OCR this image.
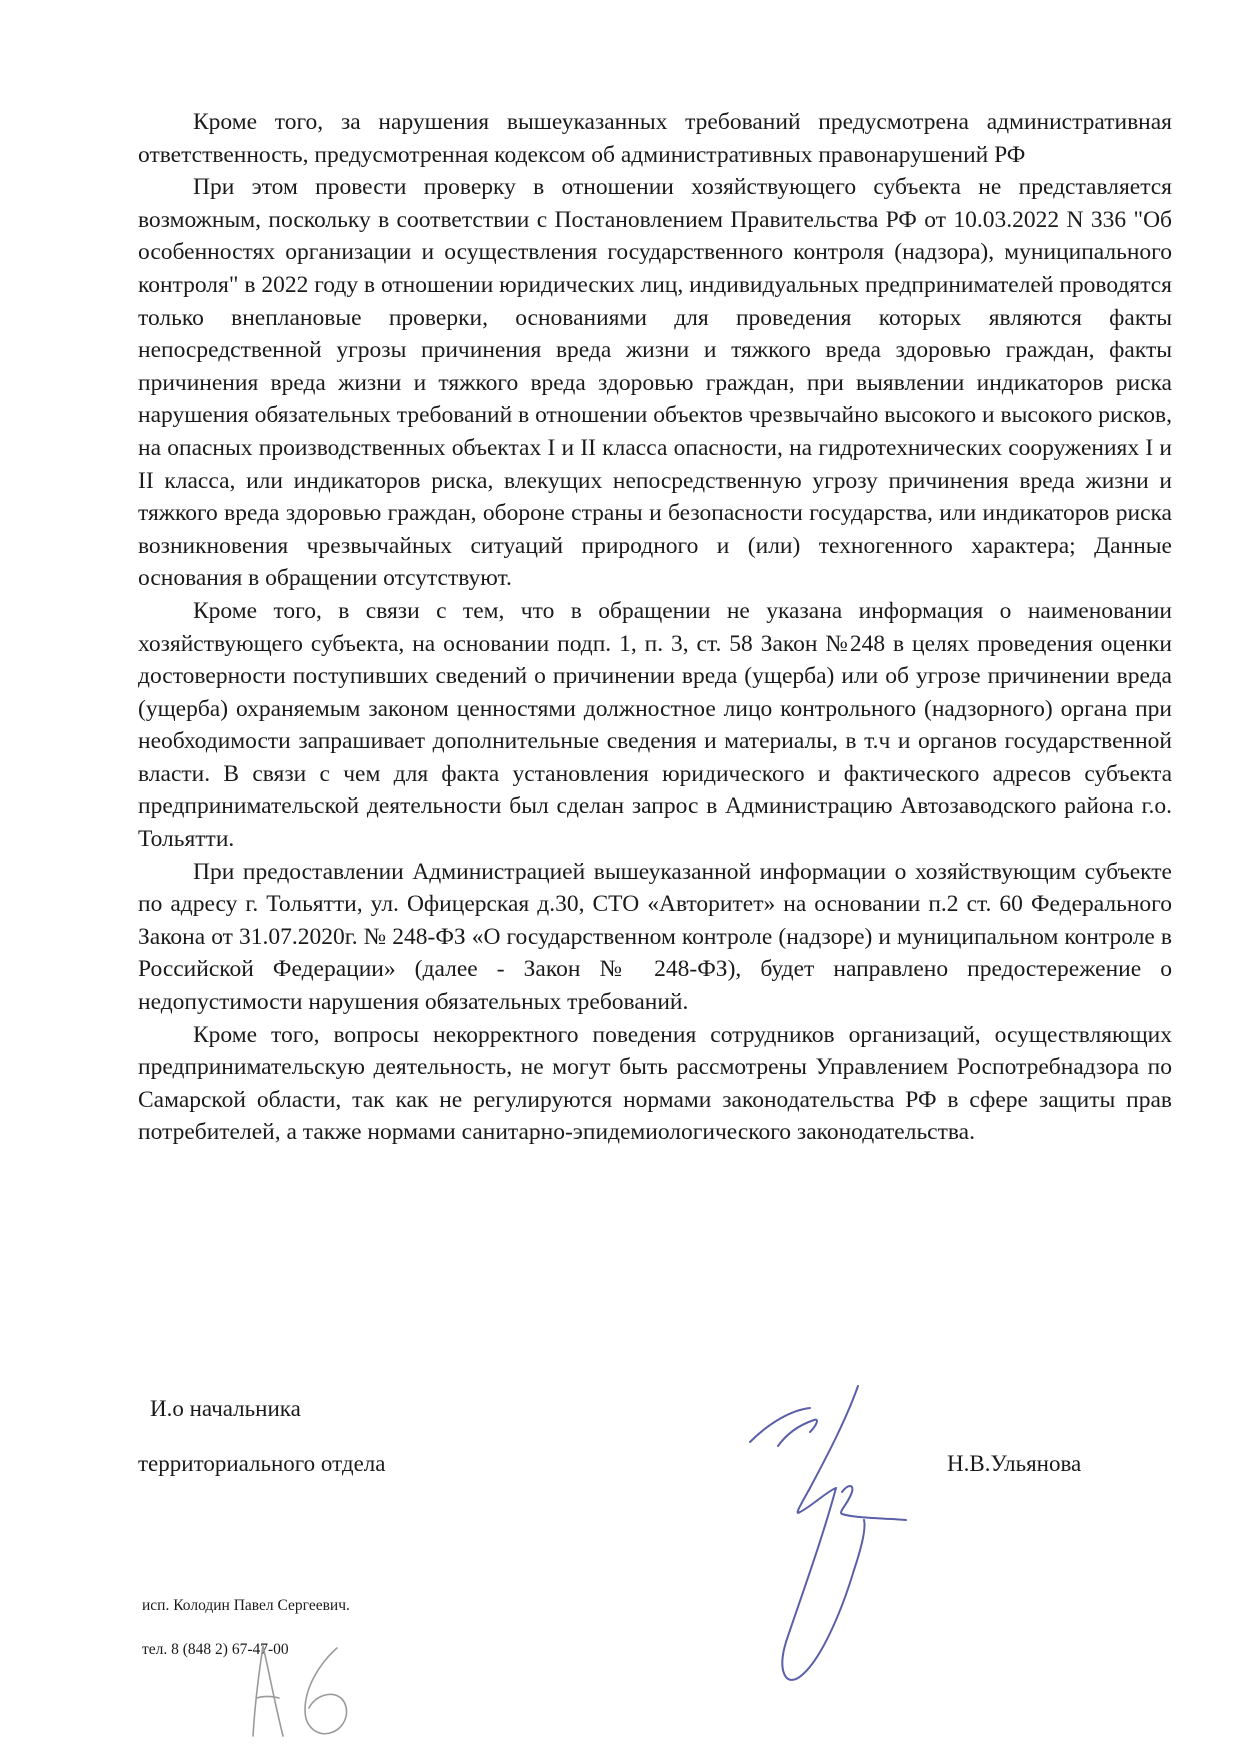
Кроме того, за нарушения вышеуказанных требований предусмотрена административная ответственность, предусмотренная кодексом об административных правонарушений РФ

При этом провести проверку в отношении хозяйствующего субъекта не представляется возможным, поскольку в соответствии с Постановлением Правительства РФ от 10.03.2022 N 336 "Об особенностях организации и осуществления государственного контроля (надзора), муниципального контроля" в 2022 году в отношении юридических лиц, индивидуальных предпринимателей проводятся только внеплановые проверки, основаниями для проведения которых являются факты непосредственной угрозы причинения вреда жизни и тяжкого вреда здоровью граждан, факты причинения вреда жизни и тяжкого вреда здоровью граждан, при выявлении индикаторов риска нарушения обязательных требований в отношении объектов чрезвычайно высокого и высокого рисков, на опасных производственных объектах I и II класса опасности, на гидротехнических сооружениях I и II класса, или индикаторов риска, влекущих непосредственную угрозу причинения вреда жизни и тяжкого вреда здоровью граждан, обороне страны и безопасности государства, или индикаторов риска возникновения чрезвычайных ситуаций природного и (или) техногенного характера; Данные основания в обращении отсутствуют.

Кроме того, в связи с тем, что в обращении не указана информация о наименовании хозяйствующего субъекта, на основании подп. 1, п. 3, ст. 58 Закон №248 в целях проведения оценки достоверности поступивших сведений о причинении вреда (ущерба) или об угрозе причинении вреда (ущерба) охраняемым законом ценностями должностное лицо контрольного (надзорного) органа при необходимости запрашивает дополнительные сведения и материалы, в т.ч и органов государственной власти. В связи с чем для факта установления юридического и фактического адресов субъекта предпринимательской деятельности был сделан запрос в Администрацию Автозаводского района г.о. Тольятти.

При предоставлении Администрацией вышеуказанной информации о хозяйствующим субъекте по адресу г. Тольятти, ул. Офицерская д.30, СТО «Авторитет» на основании п.2 ст. 60 Федерального Закона от 31.07.2020г. № 248-ФЗ «О государственном контроле (надзоре) и муниципальном контроле в Российской Федерации» (далее - Закон № 248-ФЗ), будет направлено предостережение о недопустимости нарушения обязательных требований.

Кроме того, вопросы некорректного поведения сотрудников организаций, осуществляющих предпринимательскую деятельность, не могут быть рассмотрены Управлением Роспотребнадзора по Самарской области, так как не регулируются нормами законодательства РФ в сфере защиты прав потребителей, а также нормами санитарно-эпидемиологического законодательства.

И.о начальника
территориального отдела	Н.В.Ульянова
исп. Колодин Павел Сергеевич.
тел. 8 (848 2) 67-47-00
